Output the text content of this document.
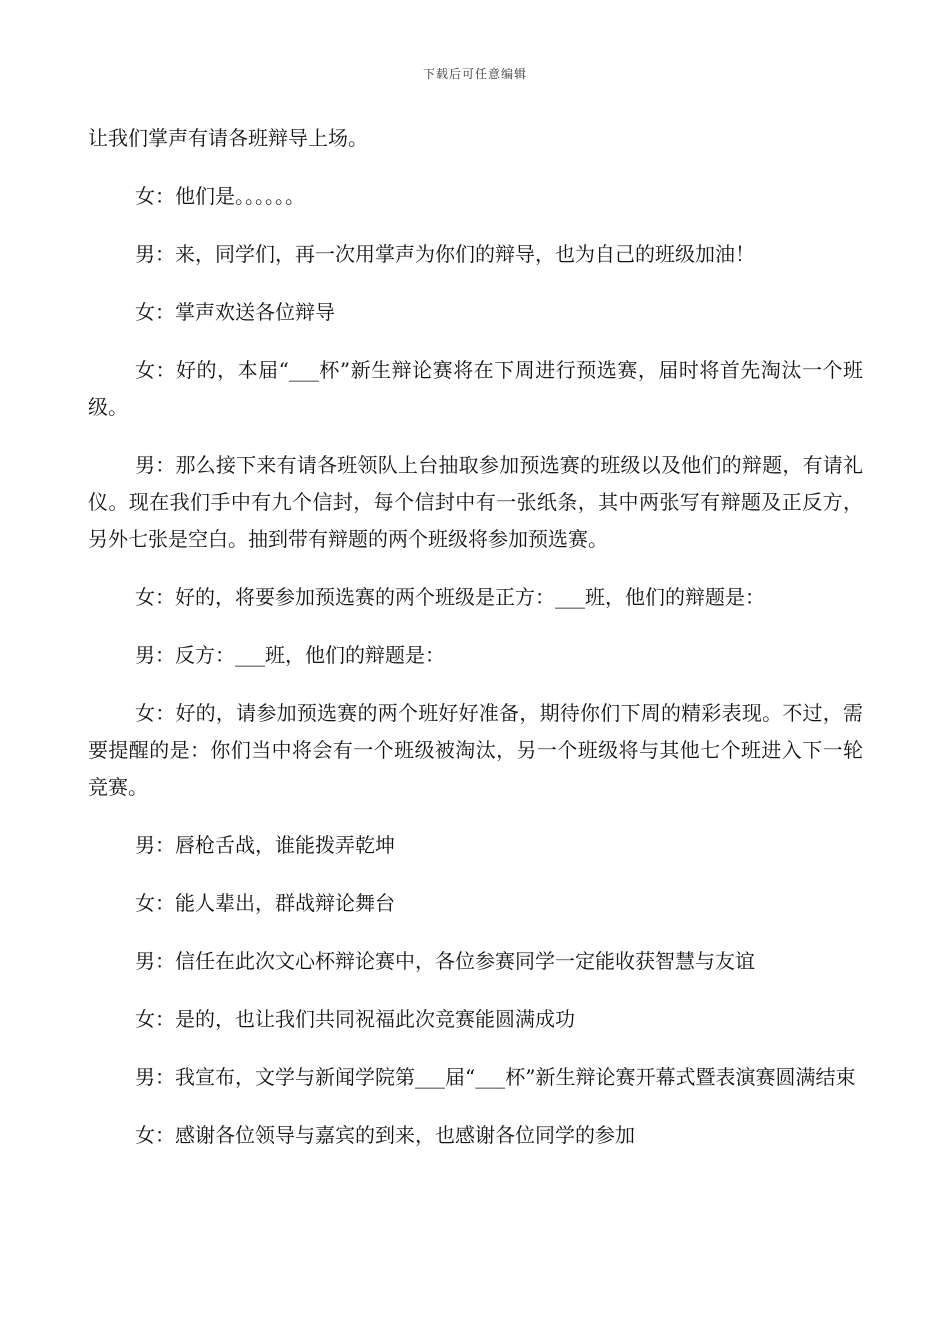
下载后可任意编辑

让我们掌声有请各班辩导上场。

女：他们是。。。。。。

男：来，同学们，再一次用掌声为你们的辩导，也为自己的班级加油！

女：掌声欢送各位辩导

女：好的，本届“___杯”新生辩论赛将在下周进行预选赛，届时将首先淘汰一个班级。

男：那么接下来有请各班领队上台抽取参加预选赛的班级以及他们的辩题，有请礼仪。现在我们手中有九个信封，每个信封中有一张纸条，其中两张写有辩题及正反方，另外七张是空白。抽到带有辩题的两个班级将参加预选赛。

女：好的，将要参加预选赛的两个班级是正方：___班，他们的辩题是：

男：反方：___班，他们的辩题是：

女：好的，请参加预选赛的两个班好好准备，期待你们下周的精彩表现。不过，需要提醒的是：你们当中将会有一个班级被淘汰，另一个班级将与其他七个班进入下一轮竞赛。

男：唇枪舌战，谁能拨弄乾坤

女：能人辈出，群战辩论舞台

男：信任在此次文心杯辩论赛中，各位参赛同学一定能收获智慧与友谊

女：是的，也让我们共同祝福此次竞赛能圆满成功

男：我宣布，文学与新闻学院第___届“___杯”新生辩论赛开幕式暨表演赛圆满结束

女：感谢各位领导与嘉宾的到来，也感谢各位同学的参加
